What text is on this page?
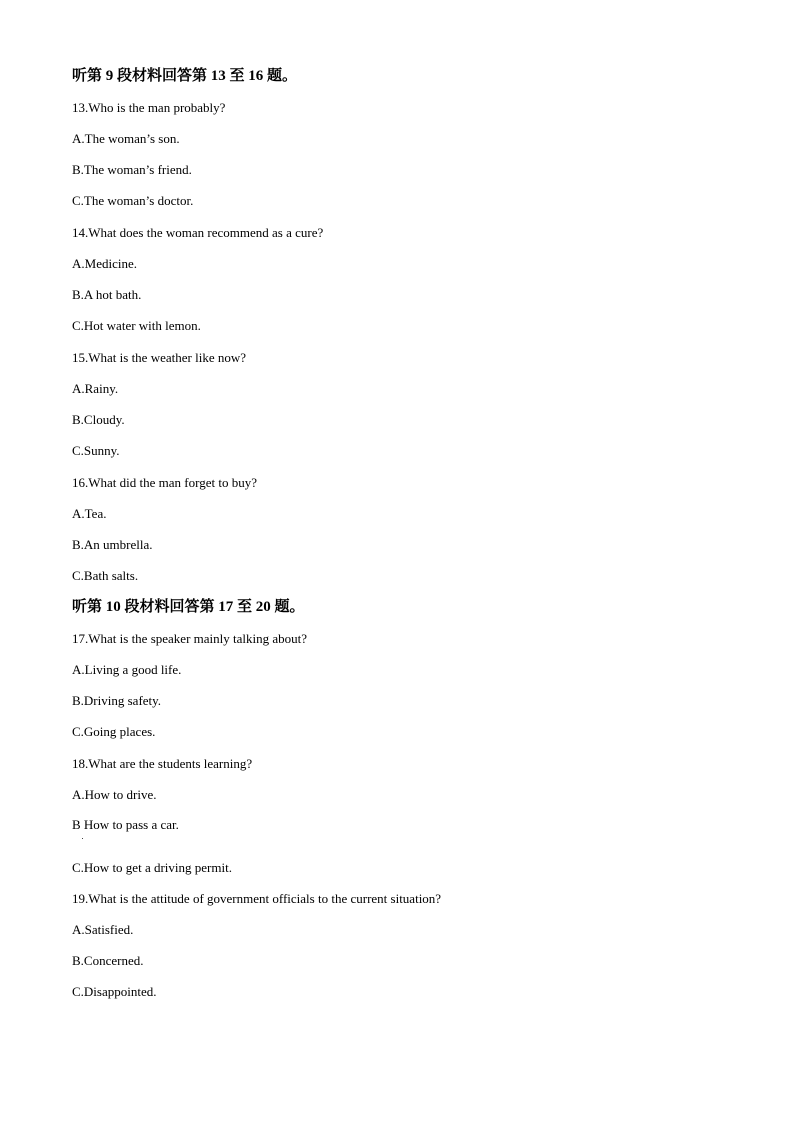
听第 9 段材料回答第 13 至 16 题。
13.Who is the man probably?
A.The woman’s son.
B.The woman’s friend.
C.The woman’s doctor.
14.What does the woman recommend as a cure?
A.Medicine.
B.A hot bath.
C.Hot water with lemon.
15.What is the weather like now?
A.Rainy.
B.Cloudy.
C.Sunny.
16.What did the man forget to buy?
A.Tea.
B.An umbrella.
C.Bath salts.
听第 10 段材料回答第 17 至 20 题。
17.What is the speaker mainly talking about?
A.Living a good life.
B.Driving safety.
C.Going places.
18.What are the students learning?
A.How to drive.
B How to pass a car.
C.How to get a driving permit.
19.What is the attitude of government officials to the current situation?
A.Satisfied.
B.Concerned.
C.Disappointed.
